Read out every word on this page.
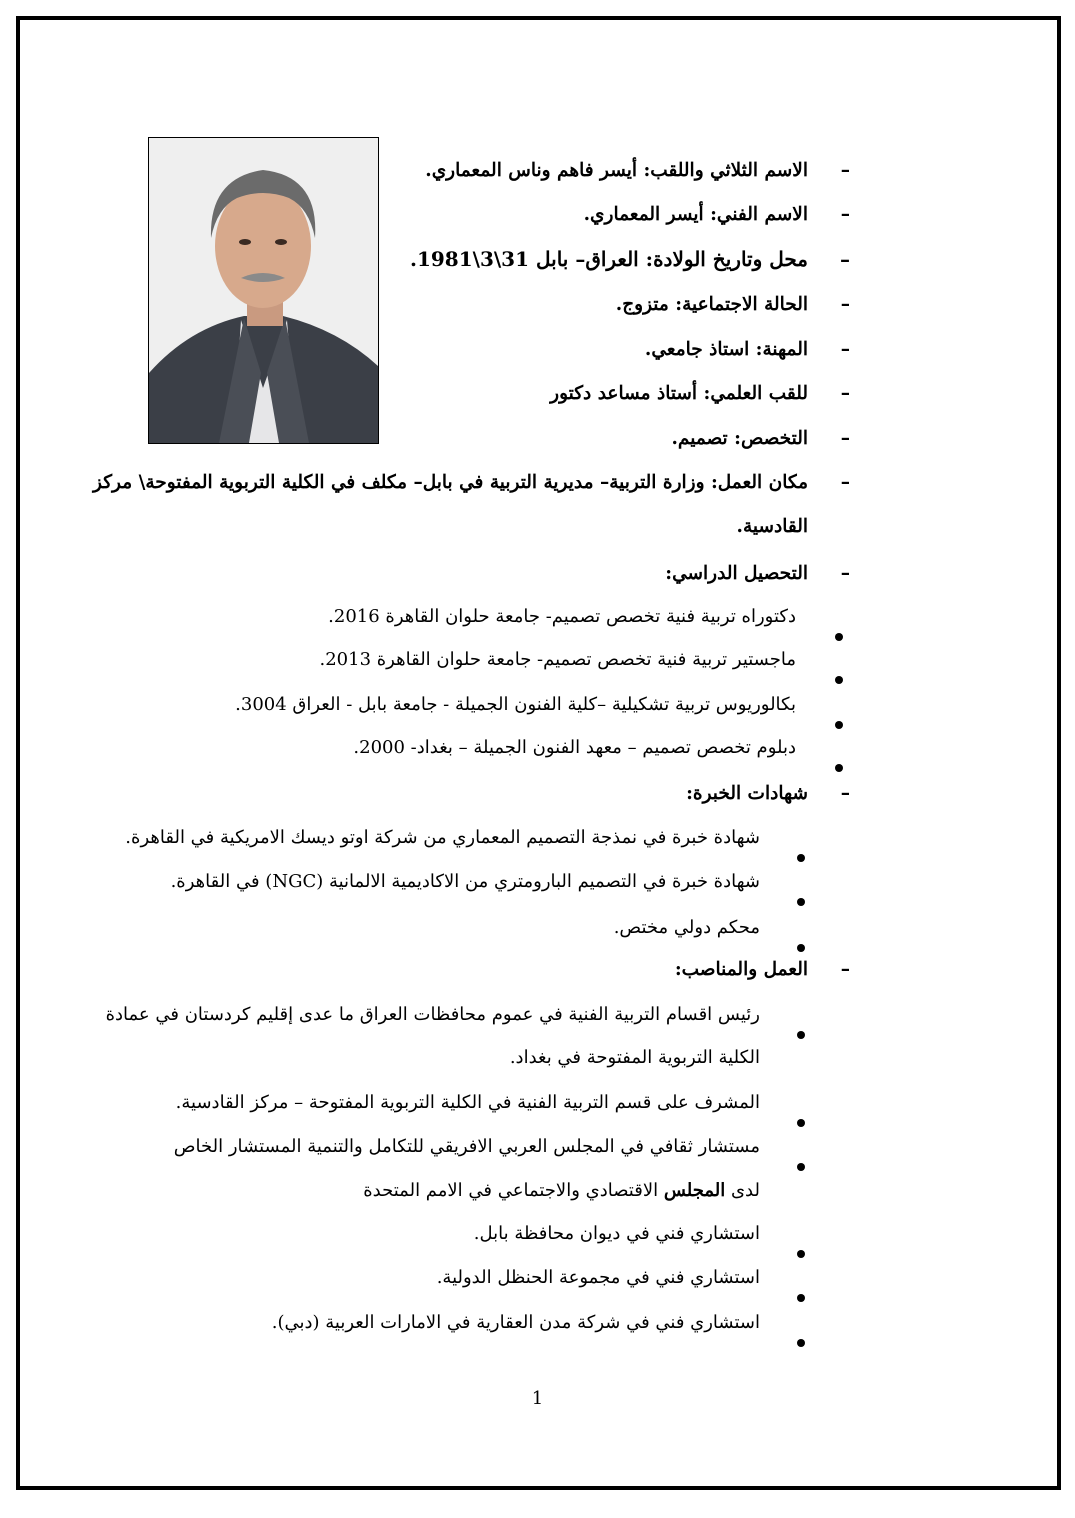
–الاسم الثلاثي واللقب: أيسر فاهم وناس المعماري.
–الاسم الفني: أيسر المعماري.
–محل وتاريخ الولادة: العراق– بابل 31\3\1981.
–الحالة الاجتماعية: متزوج.
–المهنة: استاذ جامعي.
–للقب العلمي: أستاذ مساعد دكتور
–التخصص: تصميم.
–مكان العمل: وزارة التربية– مديرية التربية في بابل– مكلف في الكلية التربوية المفتوحة\ مركز
القادسية.
–التحصيل الدراسي:
دكتوراه تربية فنية تخصص تصميم- جامعة حلوان القاهرة 2016.
ماجستير تربية فنية تخصص تصميم- جامعة حلوان القاهرة 2013.
بكالوريوس تربية تشكيلية –كلية الفنون الجميلة - جامعة بابل - العراق 3004.
دبلوم تخصص تصميم – معهد الفنون الجميلة – بغداد- 2000.
–شهادات الخبرة:
شهادة خبرة في نمذجة التصميم المعماري من شركة اوتو ديسك الامريكية في القاهرة.
شهادة خبرة في التصميم البارومتري من الاكاديمية الالمانية (NGC) في القاهرة.
محكم دولي مختص.
–العمل والمناصب:
رئيس اقسام التربية الفنية في عموم محافظات العراق ما عدى إقليم كردستان في عمادة
الكلية التربوية المفتوحة في بغداد.
المشرف على قسم التربية الفنية في الكلية التربوية المفتوحة – مركز القادسية.
مستشار ثقافي في المجلس العربي الافريقي للتكامل والتنمية المستشار الخاص
لدى المجلس الاقتصادي والاجتماعي في الامم المتحدة
استشاري فني في ديوان محافظة بابل.
استشاري فني في مجموعة الحنظل الدولية.
استشاري فني في شركة مدن العقارية في الامارات العربية (دبي).
1
